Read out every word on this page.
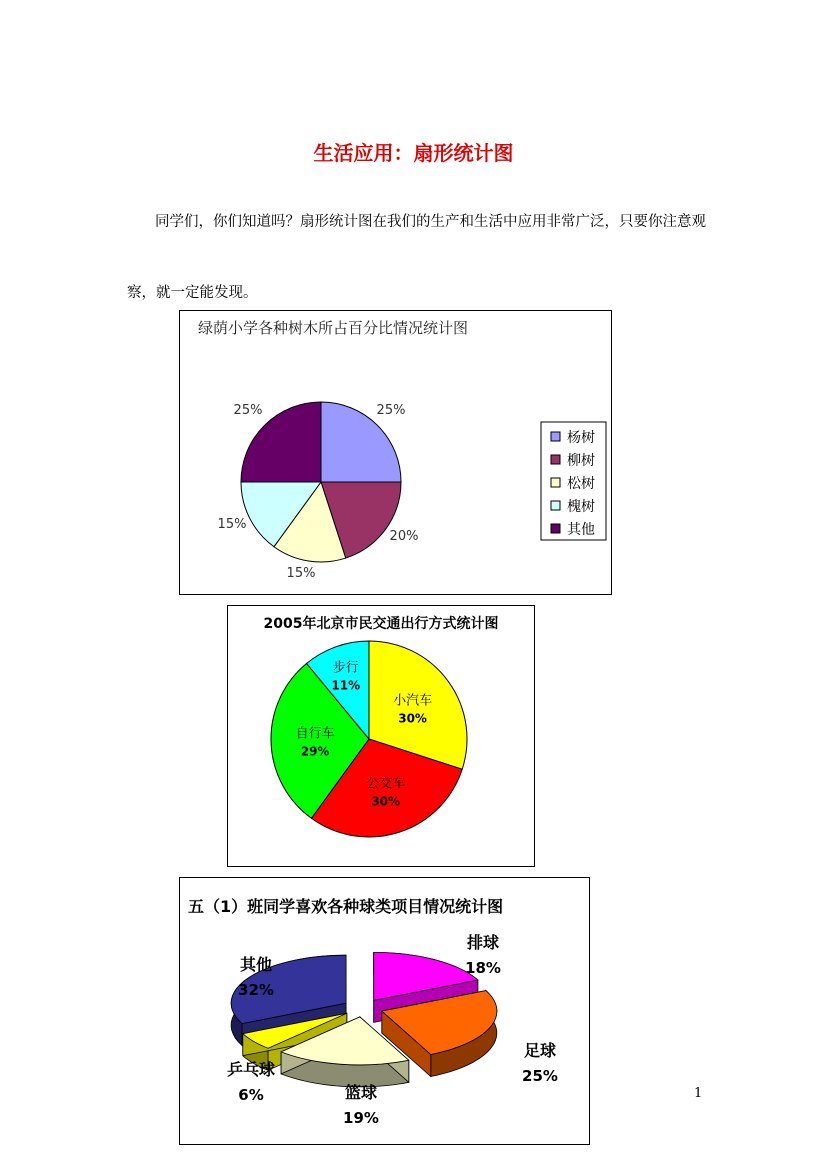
生活应用：扇形统计图
同学们，你们知道吗？扇形统计图在我们的生产和生活中应用非常广泛，只要你注意观
察，就一定能发现。
绿荫小学各种树木所占百分比情况统计图
25%
20%
15%
15%
25%
杨树
柳树
松树
槐树
其他
2005年北京市民交通出行方式统计图
小汽车
30%
公交车
30%
自行车
29%
步行
11%
五（1）班同学喜欢各种球类项目情况统计图
排球
18%
足球
25%
篮球
19%
乒乓球
6%
其他
32%
1
